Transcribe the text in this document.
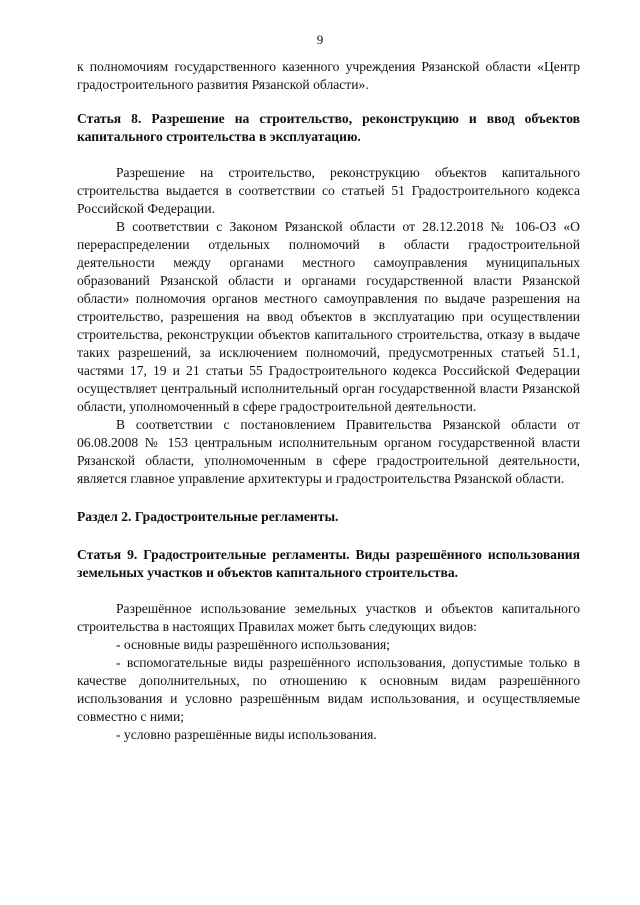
9

к полномочиям государственного казенного учреждения Рязанской области «Центр градостроительного развития Рязанской области».

Статья 8. Разрешение на строительство, реконструкцию и ввод объектов капитального строительства в эксплуатацию.

Разрешение на строительство, реконструкцию объектов капитального строительства выдается в соответствии со статьей 51 Градостроительного кодекса Российской Федерации.

В соответствии с Законом Рязанской области от 28.12.2018 № 106-ОЗ «О перераспределении отдельных полномочий в области градостроительной деятельности между органами местного самоуправления муниципальных образований Рязанской области и органами государственной власти Рязанской области» полномочия органов местного самоуправления по выдаче разрешения на строительство, разрешения на ввод объектов в эксплуатацию при осуществлении строительства, реконструкции объектов капитального строительства, отказу в выдаче таких разрешений, за исключением полномочий, предусмотренных статьей 51.1, частями 17, 19 и 21 статьи 55 Градостроительного кодекса Российской Федерации осуществляет центральный исполнительный орган государственной власти Рязанской области, уполномоченный в сфере градостроительной деятельности.

В соответствии с постановлением Правительства Рязанской области от 06.08.2008 № 153 центральным исполнительным органом государственной власти Рязанской области, уполномоченным в сфере градостроительной деятельности, является главное управление архитектуры и градостроительства Рязанской области.

Раздел 2. Градостроительные регламенты.

Статья 9. Градостроительные регламенты. Виды разрешённого использования земельных участков и объектов капитального строительства.

Разрешённое использование земельных участков и объектов капитального строительства в настоящих Правилах может быть следующих видов:

- основные виды разрешённого использования;

- вспомогательные виды разрешённого использования, допустимые только в качестве дополнительных, по отношению к основным видам разрешённого использования и условно разрешённым видам использования, и осуществляемые совместно с ними;

- условно разрешённые виды использования.
